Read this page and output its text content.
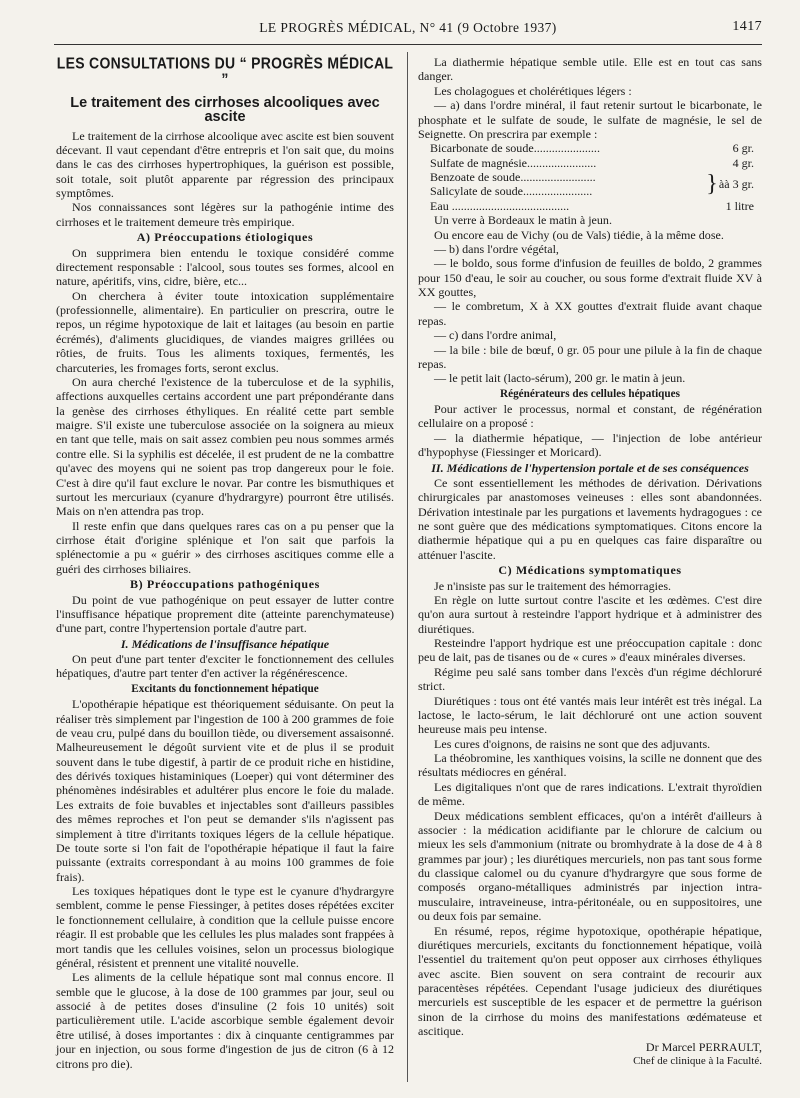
LE PROGRÈS MÉDICAL, N° 41 (9 Octobre 1937)	1417
LES CONSULTATIONS DU “ PROGRÈS MÉDICAL ”
Le traitement des cirrhoses alcooliques avec ascite

Le traitement de la cirrhose alcoolique avec ascite est bien souvent décevant. Il vaut cependant d'être entrepris et l'on sait que, du moins dans le cas des cirrhoses hypertrophiques, la guérison est possible, soit totale, soit plutôt apparente par régression des principaux symptômes.

Nos connaissances sont légères sur la pathogénie intime des cirrhoses et le traitement demeure très empirique.

A) Préoccupations étiologiques

On supprimera bien entendu le toxique considéré comme directement responsable : l'alcool, sous toutes ses formes, alcool en nature, apéritifs, vins, cidre, bière, etc...

On cherchera à éviter toute intoxication supplémentaire (professionnelle, alimentaire). En particulier on prescrira, outre le repos, un régime hypotoxique de lait et laitages (au besoin en partie écrémés), d'aliments glucidiques, de viandes maigres grillées ou rôties, de fruits. Tous les aliments toxiques, fermentés, les charcuteries, les fromages forts, seront exclus.

On aura cherché l'existence de la tuberculose et de la syphilis, affections auxquelles certains accordent une part prépondérante dans la genèse des cirrhoses éthyliques. En réalité cette part semble maigre. S'il existe une tuberculose associée on la soignera au mieux en tant que telle, mais on sait assez combien peu nous sommes armés contre elle. Si la syphilis est décelée, il est prudent de ne la combattre qu'avec des moyens qui ne soient pas trop dangereux pour le foie. C'est à dire qu'il faut exclure le novar. Par contre les bismuthiques et surtout les mercuriaux (cyanure d'hydrargyre) pourront être utilisés. Mais on n'en attendra pas trop.

Il reste enfin que dans quelques rares cas on a pu penser que la cirrhose était d'origine splénique et l'on sait que parfois la splénectomie a pu « guérir » des cirrhoses ascitiques comme elle a guéri des cirrhoses biliaires.

B) Préoccupations pathogéniques

Du point de vue pathogénique on peut essayer de lutter contre l'insuffisance hépatique proprement dite (atteinte parenchymateuse) d'une part, contre l'hypertension portale d'autre part.

I. Médications de l'insuffisance hépatique

On peut d'une part tenter d'exciter le fonctionnement des cellules hépatiques, d'autre part tenter d'en activer la régénérescence.

Excitants du fonctionnement hépatique

L'opothérapie hépatique est théoriquement séduisante. On peut la réaliser très simplement par l'ingestion de 100 à 200 grammes de foie de veau cru, pulpé dans du bouillon tiède, ou diversement assaisonné. Malheureusement le dégoût survient vite et de plus il se produit souvent dans le tube digestif, à partir de ce produit riche en histidine, des dérivés toxiques histaminiques (Loeper) qui vont déterminer des phénomènes indésirables et adultérer plus encore le foie du malade. Les extraits de foie buvables et injectables sont d'ailleurs passibles des mêmes reproches et l'on peut se demander s'ils n'agissent pas simplement à titre d'irritants toxiques légers de la cellule hépatique. De toute sorte si l'on fait de l'opothérapie hépatique il faut la faire puissante (extraits correspondant à au moins 100 grammes de foie frais).

Les toxiques hépatiques dont le type est le cyanure d'hydrargyre semblent, comme le pense Fiessinger, à petites doses répétées exciter le fonctionnement cellulaire, à condition que la cellule puisse encore réagir. Il est probable que les cellules les plus malades sont frappées à mort tandis que les cellules voisines, selon un processus biologique général, résistent et prennent une vitalité nouvelle.

Les aliments de la cellule hépatique sont mal connus encore. Il semble que le glucose, à la dose de 100 grammes par jour, seul ou associé à de petites doses d'insuline (2 fois 10 unités) soit particulièrement utile. L'acide ascorbique semble également devoir être utilisé, à doses importantes : dix à cinquante centigrammes par jour en injection, ou sous forme d'ingestion de jus de citron (6 à 12 citrons pro die).

La diathermie hépatique semble utile. Elle est en tout cas sans danger.

Les cholagogues et cholérétiques légers :

— a) dans l'ordre minéral, il faut retenir surtout le bicarbonate, le phosphate et le sulfate de soude, le sulfate de magnésie, le sel de Seignette. On prescrira par exemple :

Bicarbonate de soude......................		6 gr.
Sulfate de magnésie.......................		4 gr.
Benzoate de soude.........................	}	àà 3 gr.
Salicylate de soude.......................		
Eau .......................................		1 litre

Un verre à Bordeaux le matin à jeun.

Ou encore eau de Vichy (ou de Vals) tiédie, à la même dose.

— b) dans l'ordre végétal,

— le boldo, sous forme d'infusion de feuilles de boldo, 2 grammes pour 150 d'eau, le soir au coucher, ou sous forme d'extrait fluide XV à XX gouttes,

— le combretum, X à XX gouttes d'extrait fluide avant chaque repas.

— c) dans l'ordre animal,

— la bile : bile de bœuf, 0 gr. 05 pour une pilule à la fin de chaque repas.

— le petit lait (lacto-sérum), 200 gr. le matin à jeun.

Régénérateurs des cellules hépatiques

Pour activer le processus, normal et constant, de régénération cellulaire on a proposé :

— la diathermie hépatique, — l'injection de lobe antérieur d'hypophyse (Fiessinger et Moricard).

II. Médications de l'hypertension portale et de ses conséquences

Ce sont essentiellement les méthodes de dérivation. Dérivations chirurgicales par anastomoses veineuses : elles sont abandonnées. Dérivation intestinale par les purgations et lavements hydragogues : ce ne sont guère que des médications symptomatiques. Citons encore la diathermie hépatique qui a pu en quelques cas faire disparaître ou atténuer l'ascite.

C) Médications symptomatiques

Je n'insiste pas sur le traitement des hémorragies.

En règle on lutte surtout contre l'ascite et les œdèmes. C'est dire qu'on aura surtout à resteindre l'apport hydrique et à administrer des diurétiques.

Resteindre l'apport hydrique est une préoccupation capitale : donc peu de lait, pas de tisanes ou de « cures » d'eaux minérales diverses.

Régime peu salé sans tomber dans l'excès d'un régime déchloruré strict.

Diurétiques : tous ont été vantés mais leur intérêt est très inégal. La lactose, le lacto-sérum, le lait déchloruré ont une action souvent heureuse mais peu intense.

Les cures d'oignons, de raisins ne sont que des adjuvants.

La théobromine, les xanthiques voisins, la scille ne donnent que des résultats médiocres en général.

Les digitaliques n'ont que de rares indications. L'extrait thyroïdien de même.

Deux médications semblent efficaces, qu'on a intérêt d'ailleurs à associer : la médication acidifiante par le chlorure de calcium ou mieux les sels d'ammonium (nitrate ou bromhydrate à la dose de 4 à 8 grammes par jour) ; les diurétiques mercuriels, non pas tant sous forme du classique calomel ou du cyanure d'hydrargyre que sous forme de composés organo-métalliques administrés par injection intra-musculaire, intraveineuse, intra-péritonéale, ou en suppositoires, une ou deux fois par semaine.

En résumé, repos, régime hypotoxique, opothérapie hépatique, diurétiques mercuriels, excitants du fonctionnement hépatique, voilà l'essentiel du traitement qu'on peut opposer aux cirrhoses éthyliques avec ascite. Bien souvent on sera contraint de recourir aux paracentèses répétées. Cependant l'usage judicieux des diurétiques mercuriels est susceptible de les espacer et de permettre la guérison sinon de la cirrhose du moins des manifestations œdémateuse et ascitique.

Dr Marcel PERRAULT,
Chef de clinique à la Faculté.
